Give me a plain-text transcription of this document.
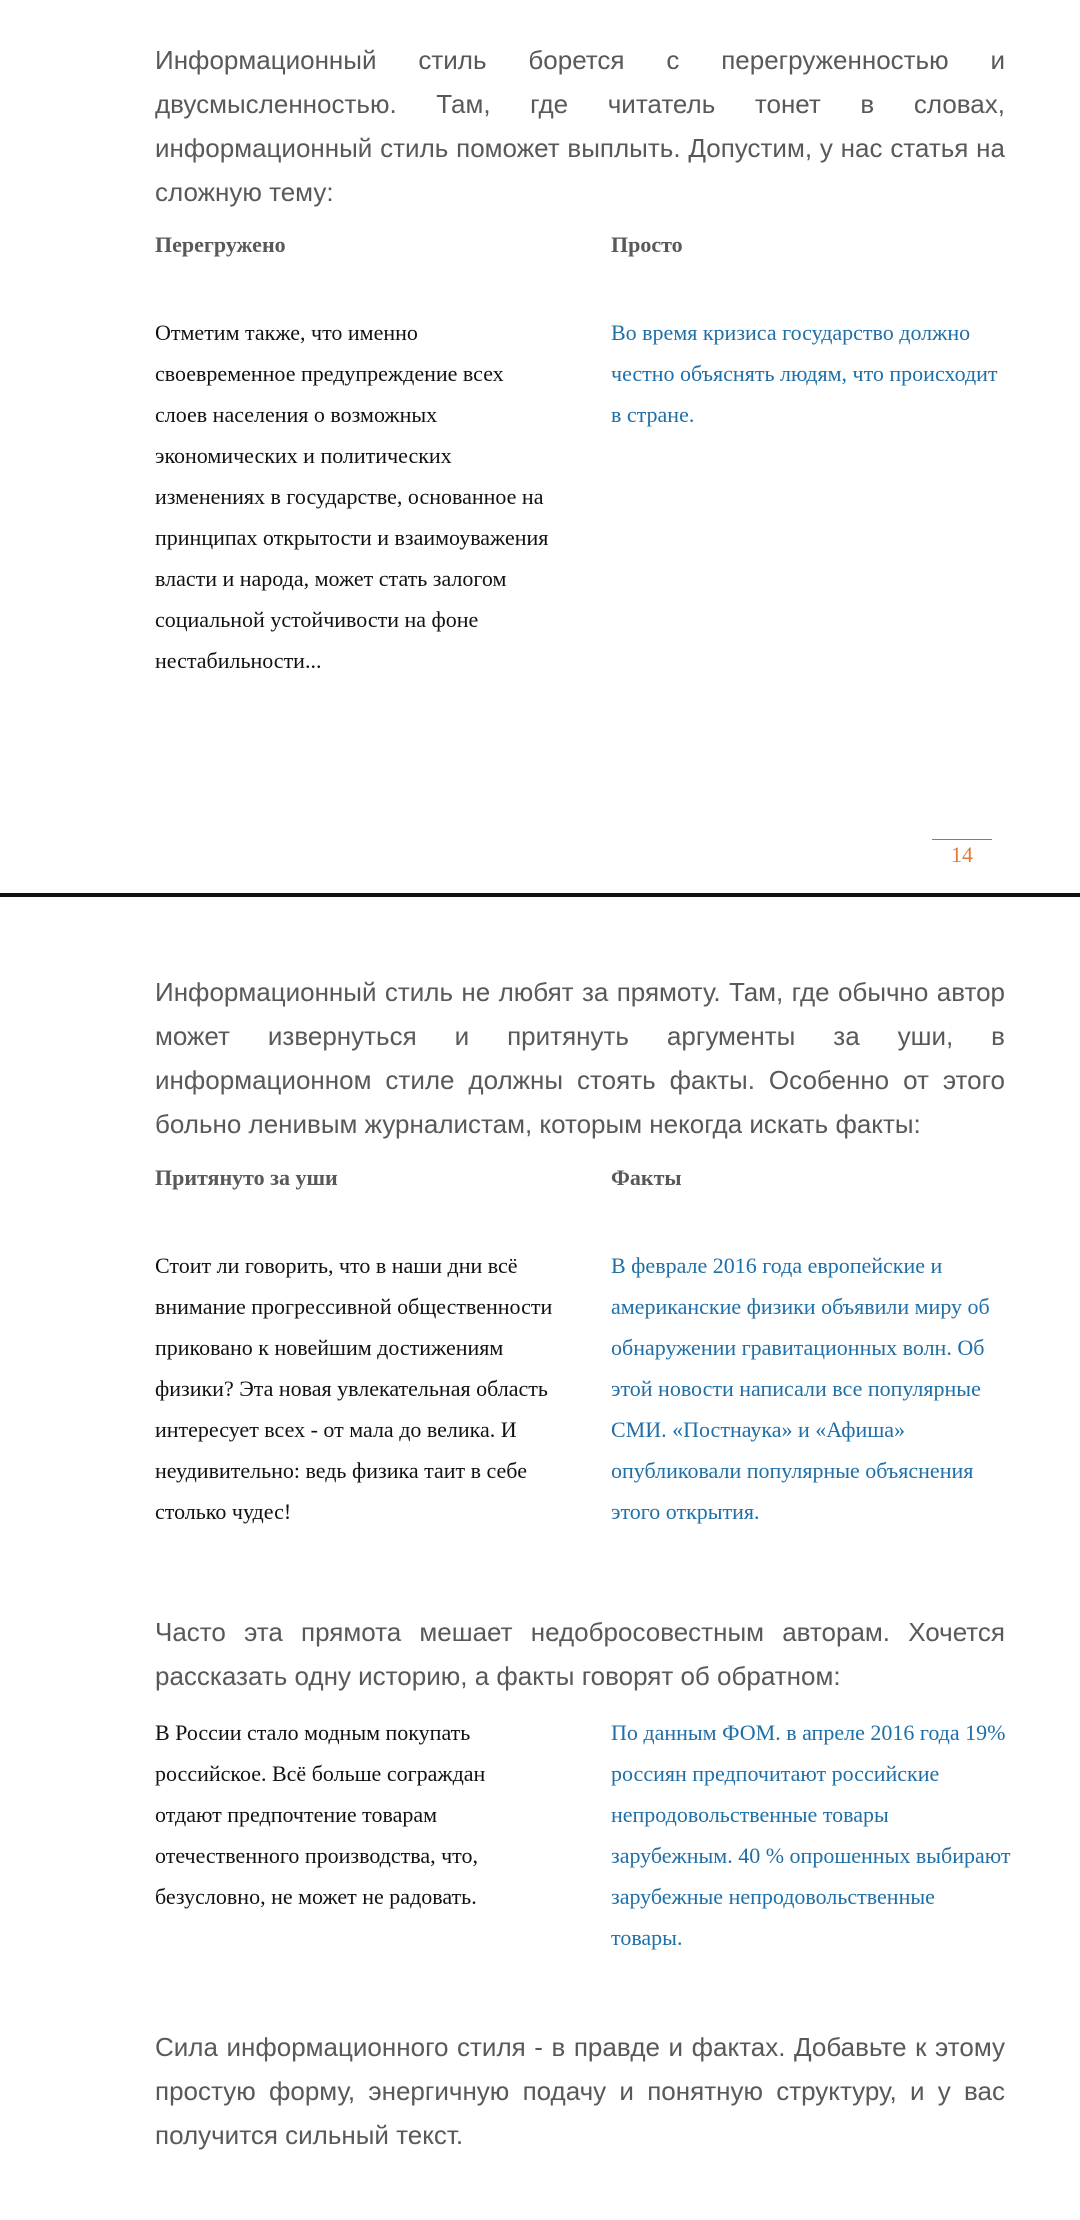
Информационный стиль борется с перегруженностью и двусмысленностью. Там, где читатель тонет в словах, информационный стиль поможет выплыть. Допустим, у нас статья на сложную тему:

Перегружено

Отметим также, что именно своевременное предупреждение всех слоев населения о возможных экономических и политических изменениях в государстве, основанное на принципах открытости и взаимоуважения власти и народа, может стать залогом социальной устойчивости на фоне нестабильности...

Просто

Во время кризиса государство должно честно объяснять людям, что происходит в стране.

14

Информационный стиль не любят за прямоту. Там, где обычно автор может извернуться и притянуть аргументы за уши, в информационном стиле должны стоять факты. Особенно от этого больно ленивым журналистам, которым некогда искать факты:

Притянуто за уши

Стоит ли говорить, что в наши дни всё внимание прогрессивной общественности приковано к новейшим достижениям физики? Эта новая увлекательная область интересует всех - от мала до велика. И неудивительно: ведь физика таит в себе столько чудес!

Факты

В феврале 2016 года европейские и американские физики объявили миру об обнаружении гравитационных волн. Об этой новости написали все популярные СМИ. «Постнаука» и «Афиша» опубликовали популярные объяснения этого открытия.

Часто эта прямота мешает недобросовестным авторам. Хочется рассказать одну историю, а факты говорят об обратном:

В России стало модным покупать российское. Всё больше сограждан отдают предпочтение товарам отечественного производства, что, безусловно, не может не радовать.

По данным ФОМ. в апреле 2016 года 19% россиян предпочитают российские непродовольственные товары зарубежным. 40 % опрошенных выбирают зарубежные непродовольственные товары.

Сила информационного стиля - в правде и фактах. Добавьте к этому простую форму, энергичную подачу и понятную структуру, и у вас получится сильный текст.
